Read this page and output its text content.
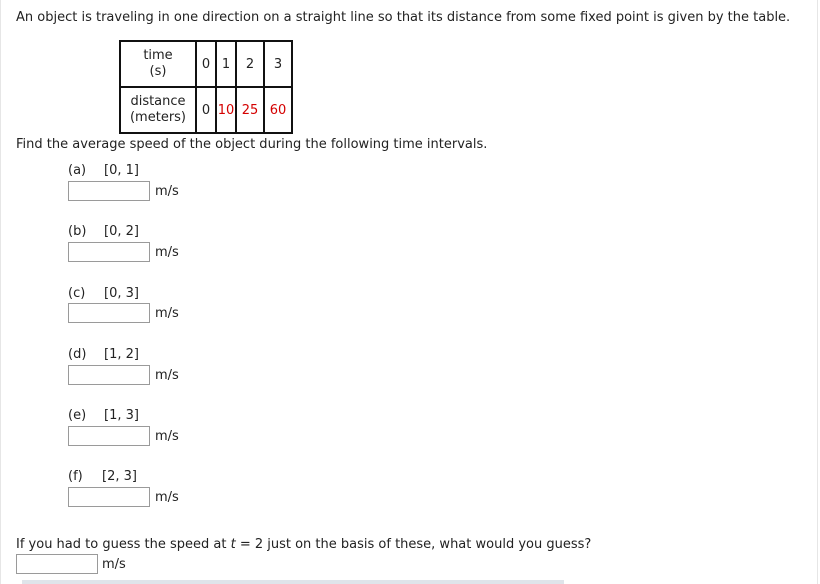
An object is traveling in one direction on a straight line so that its distance from some fixed point is given by the table.
time
(s)	0	1	2	3
distance
(meters)	0	10	25	60
Find the average speed of the object during the following time intervals.
(a) [0, 1]
m/s
(b) [0, 2]
m/s
(c) [0, 3]
m/s
(d) [1, 2]
m/s
(e) [1, 3]
m/s
(f) [2, 3]
m/s
If you had to guess the speed at t = 2 just on the basis of these, what would you guess?
m/s
